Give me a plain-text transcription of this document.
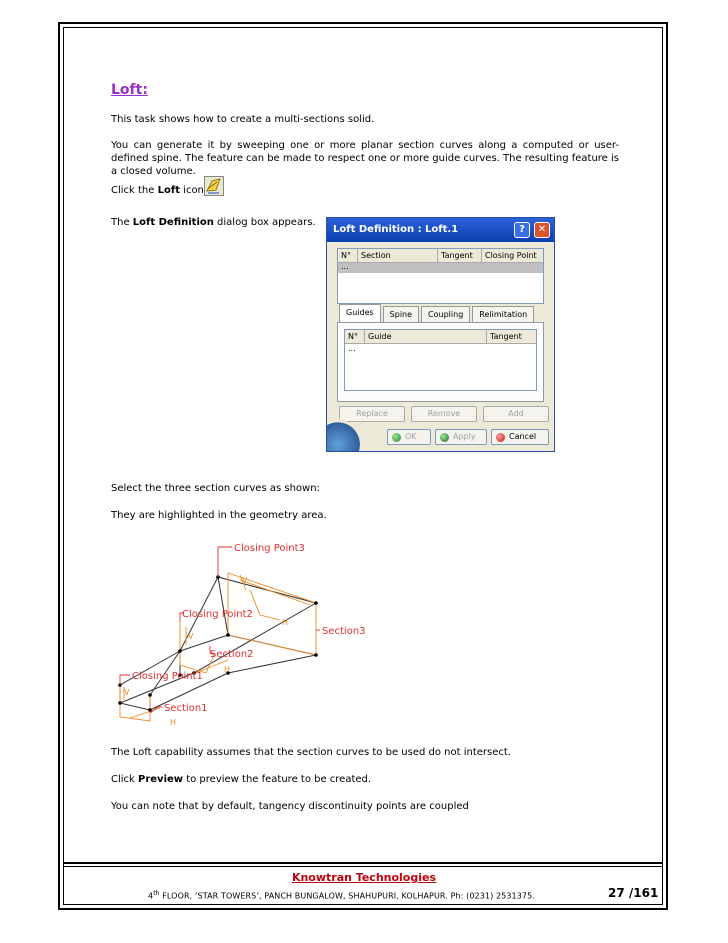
Loft:
This task shows how to create a multi-sections solid.
You can generate it by sweeping one or more planar section curves along a computed or user-defined spine. The feature can be made to respect one or more guide curves. The resulting feature is a closed volume.
Click the Loft icon
The Loft Definition dialog box appears.
Loft Definition : Loft.1	?	✕
N°	Section	Tangent	Closing Point
...
Guides	Spine	Coupling	Relimitation
N°	Guide	Tangent
...
Replace	Remove	Add
OK	Apply	Cancel
Select the three section curves as shown:
They are highlighted in the geometry area.
Closing Point3
Closing Point2
Closing Point1
Section3
Section2
Section1
H
H
H
V
V
V
The Loft capability assumes that the section curves to be used do not intersect.
Click Preview to preview the feature to be created.
You can note that by default, tangency discontinuity points are coupled
Knowtran Technologies
4th FLOOR, ‘STAR TOWERS’, PANCH BUNGALOW, SHAHUPURI, KOLHAPUR. Ph: (0231) 2531375.	27 /161
